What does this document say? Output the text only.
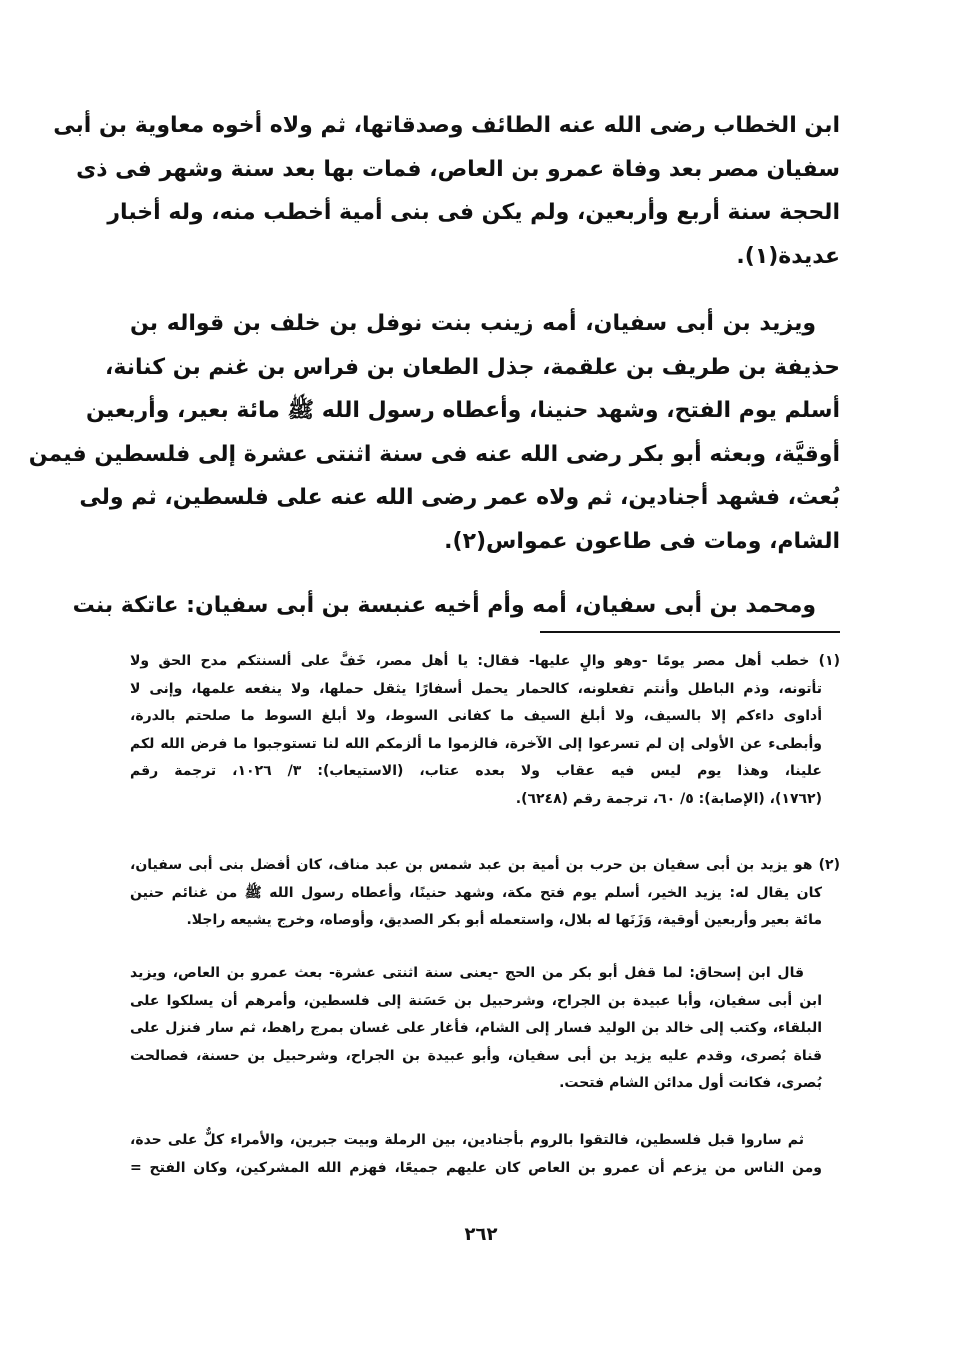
ابن الخطاب رضى الله عنه الطائف وصدقاتها، ثم ولاه أخوه معاوية بن أبى
سفيان مصر بعد وفاة عمرو بن العاص، فمات بها بعد سنة وشهر فى ذى
الحجة سنة أربع وأربعين، ولم يكن فى بنى أمية أخطب منه، وله أخبار
عديدة(١).
ويزيد بن أبى سفيان، أمه زينب بنت نوفل بن خلف بن قواله بن
حذيفة بن طريف بن علقمة، جذل الطعان بن فراس بن غنم بن كنانة،
أسلم يوم الفتح، وشهد حنينا، وأعطاه رسول الله ﷺ مائة بعير، وأربعين
أوقيَّة، وبعثه أبو بكر رضى الله عنه فى سنة اثنتى عشرة إلى فلسطين فيمن
بُعث، فشهد أجنادين، ثم ولاه عمر رضى الله عنه على فلسطين، ثم ولى
الشام، ومات فى طاعون عمواس(٢).
ومحمد بن أبى سفيان، أمه وأم أخيه عنبسة بن أبى سفيان: عاتكة بنت
(١) خطب أهل مصر يومًا -وهو والٍ عليها- فقال: يا أهل مصر، خَفَّ على ألسنتكم مدح الحق ولا
تأتونه، وذم الباطل وأنتم تفعلونه، كالحمار يحمل أسفارًا يثقل حملها، ولا ينفعه علمها، وإنى لا
أداوى داءكم إلا بالسيف، ولا أبلغ السيف ما كفانى السوط، ولا أبلغ السوط ما صلحتم بالدرة،
وأبطىء عن الأولى إن لم تسرعوا إلى الآخرة، فالزموا ما ألزمكم الله لنا تستوجبوا ما فرض الله لكم
علينا، وهذا يوم ليس فيه عقاب ولا بعده عتاب، (الاستيعاب): ٣/ ١٠٢٦، ترجمة رقم
(١٧٦٢)، (الإصابة): ٥/ ٦٠، ترجمة رقم (٦٢٤٨).
(٢) هو يزيد بن أبى سفيان بن حرب بن أمية بن عبد شمس بن عبد مناف، كان أفضل بنى أبى سفيان،
كان يقال له: يزيد الخير، أسلم يوم فتح مكة، وشهد حنينًا، وأعطاه رسول الله ﷺ من غنائم حنين
مائة بعير وأربعين أوقية، وَزَنَها له بلال، واستعمله أبو بكر الصديق، وأوصاه، وخرج يشيعه راجلا.
قال ابن إسحاق: لما قفل أبو بكر من الحج -يعنى سنة اثنتى عشرة- بعث عمرو بن العاص، ويزيد
ابن أبى سفيان، وأبا عبيدة بن الجراح، وشرحبيل بن حَسَنة إلى فلسطين، وأمرهم أن يسلكوا على
البلقاء، وكتب إلى خالد بن الوليد فسار إلى الشام، فأغار على غسان بمرج راهط، ثم سار فنزل على
قناة بُصرى، وقدم عليه يزيد بن أبى سفيان، وأبو عبيدة بن الجراح، وشرحبيل بن حسنة، فصالحت
بُصرى، فكانت أول مدائن الشام فتحت.
ثم ساروا قبل فلسطين، فالتقوا بالروم بأجنادين، بين الرملة وبيت جبرين، والأمراء كلٌّ على حدة،
ومن الناس من يزعم أن عمرو بن العاص كان عليهم جميعًا، فهزم الله المشركين، وكان الفتح =
٢٦٢
